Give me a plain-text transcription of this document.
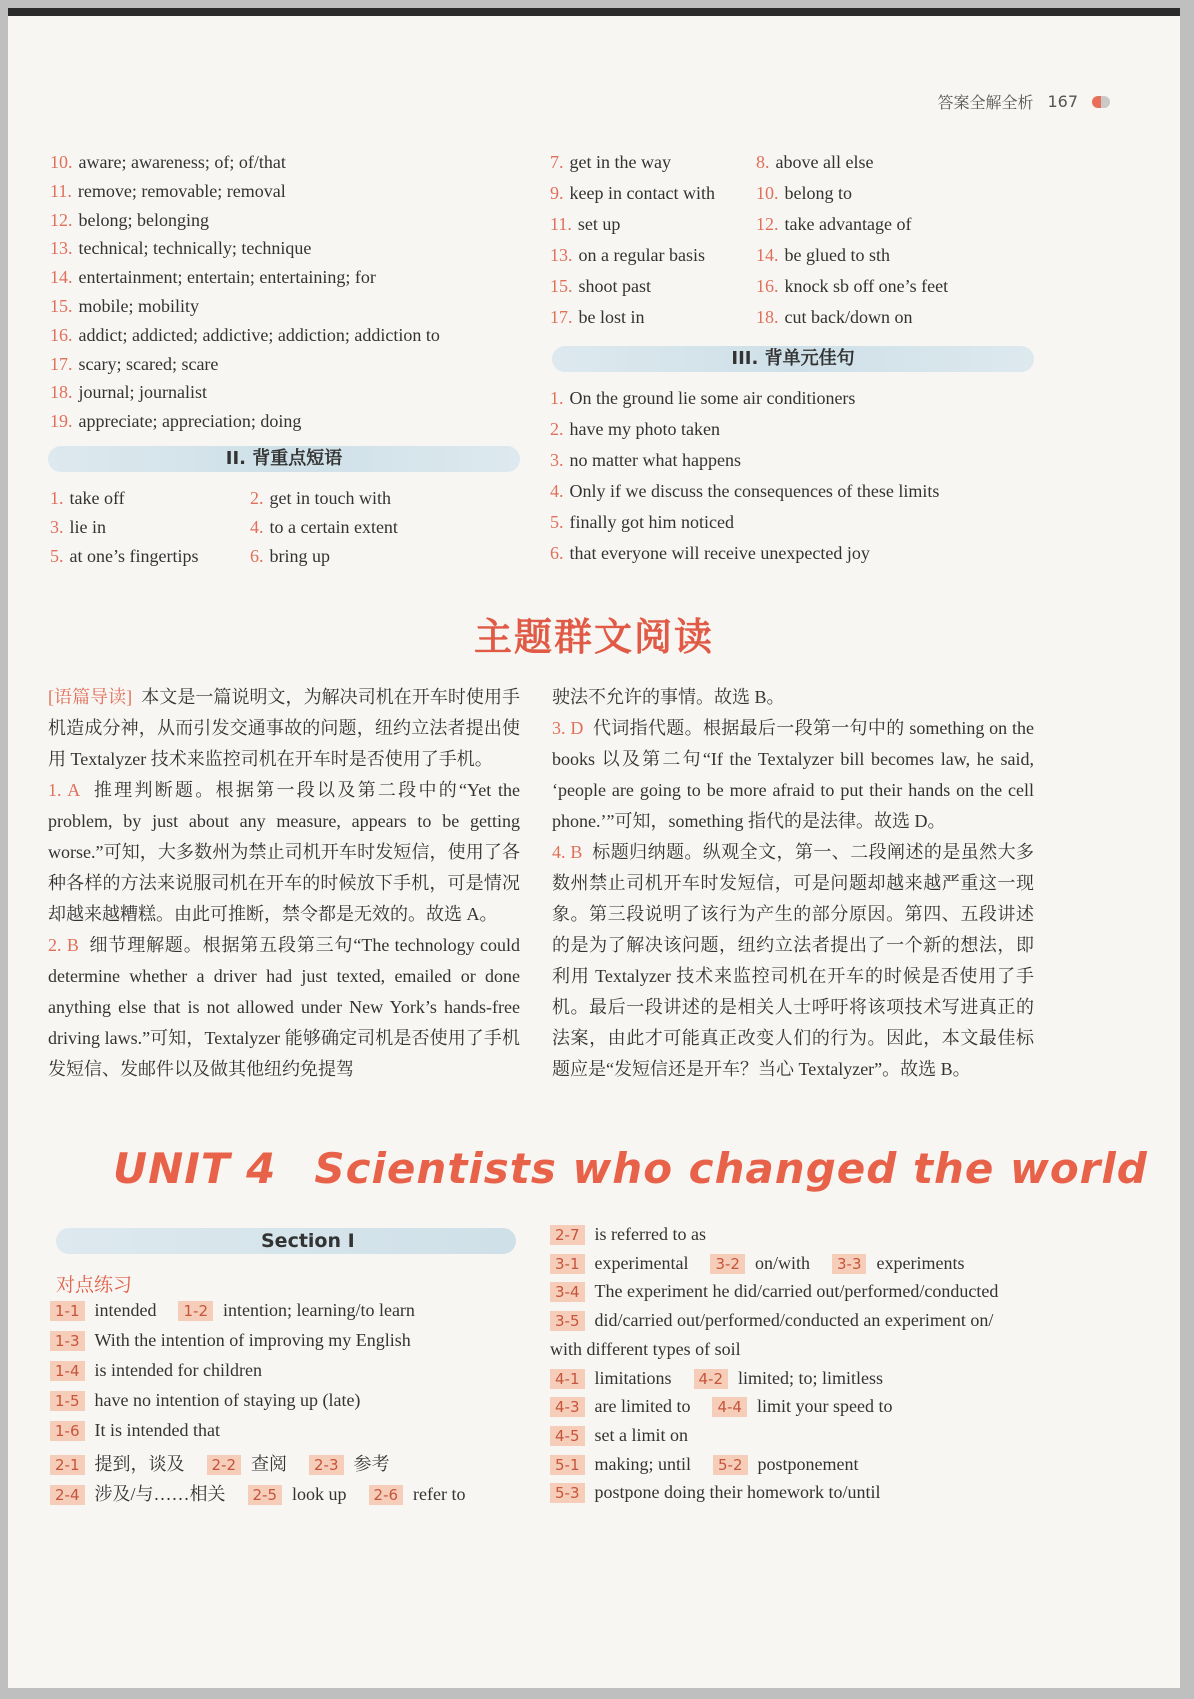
答案全解全析 167
10. aware; awareness; of; of/that
11. remove; removable; removal
12. belong; belonging
13. technical; technically; technique
14. entertainment; entertain; entertaining; for
15. mobile; mobility
16. addict; addicted; addictive; addiction; addiction to
17. scary; scared; scare
18. journal; journalist
19. appreciate; appreciation; doing
II. 背重点短语
1. take off	2. get in touch with
3. lie in	4. to a certain extent
5. at one’s fingertips	6. bring up
7. get in the way	8. above all else
9. keep in contact with 10. belong to
11. set up	12. take advantage of
13. on a regular basis	14. be glued to sth
15. shoot past	16. knock sb off one’s feet
17. be lost in	18. cut back/down on
III. 背单元佳句
1. On the ground lie some air conditioners
2. have my photo taken
3. no matter what happens
4. Only if we discuss the consequences of these limits
5. finally got him noticed
6. that everyone will receive unexpected joy
主题群文阅读

[语篇导读] 本文是一篇说明文，为解决司机在开车时使用手机造成分神，从而引发交通事故的问题，纽约立法者提出使用 Textalyzer 技术来监控司机在开车时是否使用了手机。

1. A 推理判断题。根据第一段以及第二段中的“Yet the problem, by just about any measure, appears to be getting worse.”可知，大多数州为禁止司机开车时发短信，使用了各种各样的方法来说服司机在开车的时候放下手机，可是情况却越来越糟糕。由此可推断，禁令都是无效的。故选 A。

2. B 细节理解题。根据第五段第三句“The technology could determine whether a driver had just texted, emailed or done anything else that is not allowed under New York’s hands-free driving laws.”可知，Textalyzer 能够确定司机是否使用了手机发短信、发邮件以及做其他纽约免提驾

驶法不允许的事情。故选 B。

3. D 代词指代题。根据最后一段第一句中的 something on the books 以及第二句“If the Textalyzer bill becomes law, he said, ‘people are going to be more afraid to put their hands on the cell phone.’”可知，something 指代的是法律。故选 D。

4. B 标题归纳题。纵观全文，第一、二段阐述的是虽然大多数州禁止司机开车时发短信，可是问题却越来越严重这一现象。第三段说明了该行为产生的部分原因。第四、五段讲述的是为了解决该问题，纽约立法者提出了一个新的想法，即利用 Textalyzer 技术来监控司机在开车的时候是否使用了手机。最后一段讲述的是相关人士呼吁将该项技术写进真正的法案，由此才可能真正改变人们的行为。因此，本文最佳标题应是“发短信还是开车？当心 Textalyzer”。故选 B。

UNIT 4 Scientists who changed the world
Section I
对点练习
1-1 intended 1-2 intention; learning/to learn
1-3 With the intention of improving my English
1-4 is intended for children
1-5 have no intention of staying up (late)
1-6 It is intended that
2-1 提到，谈及 2-2 查阅 2-3 参考
2-4 涉及/与……相关 2-5 look up 2-6 refer to
2-7 is referred to as
3-1 experimental 3-2 on/with 3-3 experiments
3-4 The experiment he did/carried out/performed/conducted
3-5 did/carried out/performed/conducted an experiment on/
with different types of soil
4-1 limitations 4-2 limited; to; limitless
4-3 are limited to 4-4 limit your speed to
4-5 set a limit on
5-1 making; until 5-2 postponement
5-3 postpone doing their homework to/until
